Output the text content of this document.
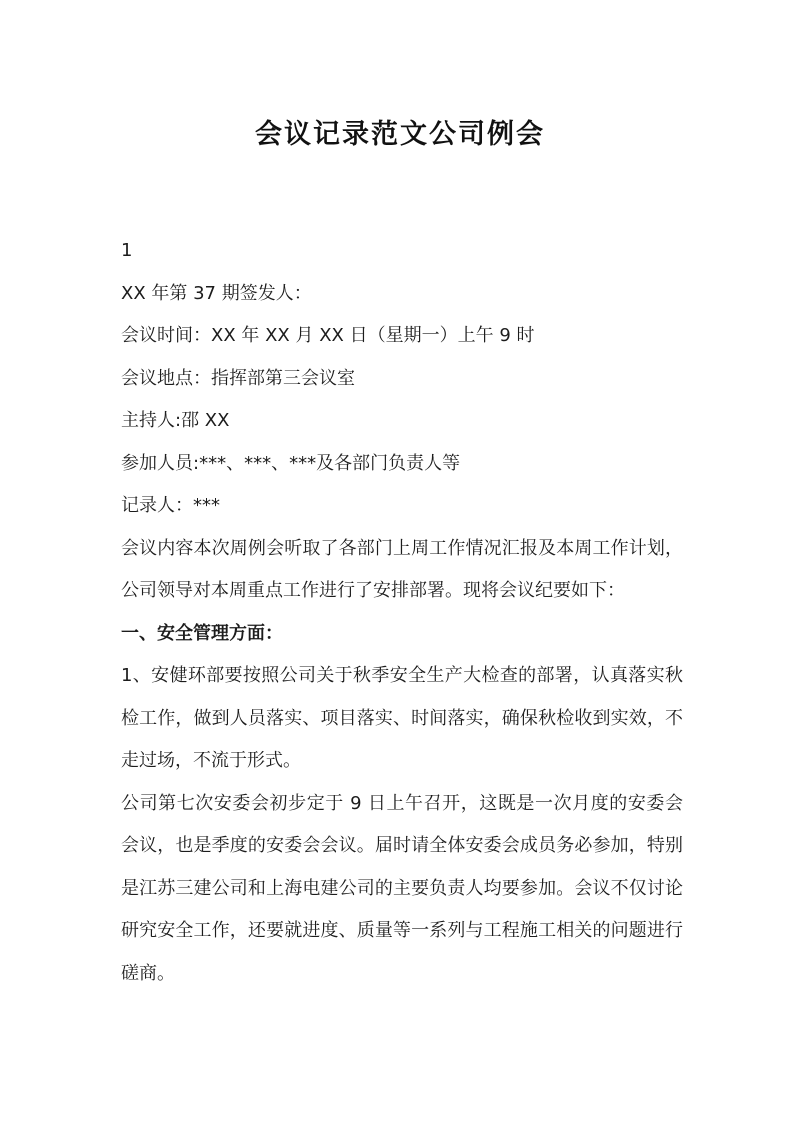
会议记录范文公司例会
1
XX 年第 37 期签发人：
会议时间：XX 年 XX 月 XX 日（星期一）上午 9 时
会议地点：指挥部第三会议室
主持人:邵 XX
参加人员:***、***、***及各部门负责人等
记录人：***
会议内容本次周例会听取了各部门上周工作情况汇报及本周工作计划，公司领导对本周重点工作进行了安排部署。现将会议纪要如下：
一、安全管理方面：
1、安健环部要按照公司关于秋季安全生产大检查的部署，认真落实秋检工作，做到人员落实、项目落实、时间落实，确保秋检收到实效，不走过场，不流于形式。
公司第七次安委会初步定于 9 日上午召开，这既是一次月度的安委会会议，也是季度的安委会会议。届时请全体安委会成员务必参加，特别是江苏三建公司和上海电建公司的主要负责人均要参加。会议不仅讨论研究安全工作，还要就进度、质量等一系列与工程施工相关的问题进行磋商。
